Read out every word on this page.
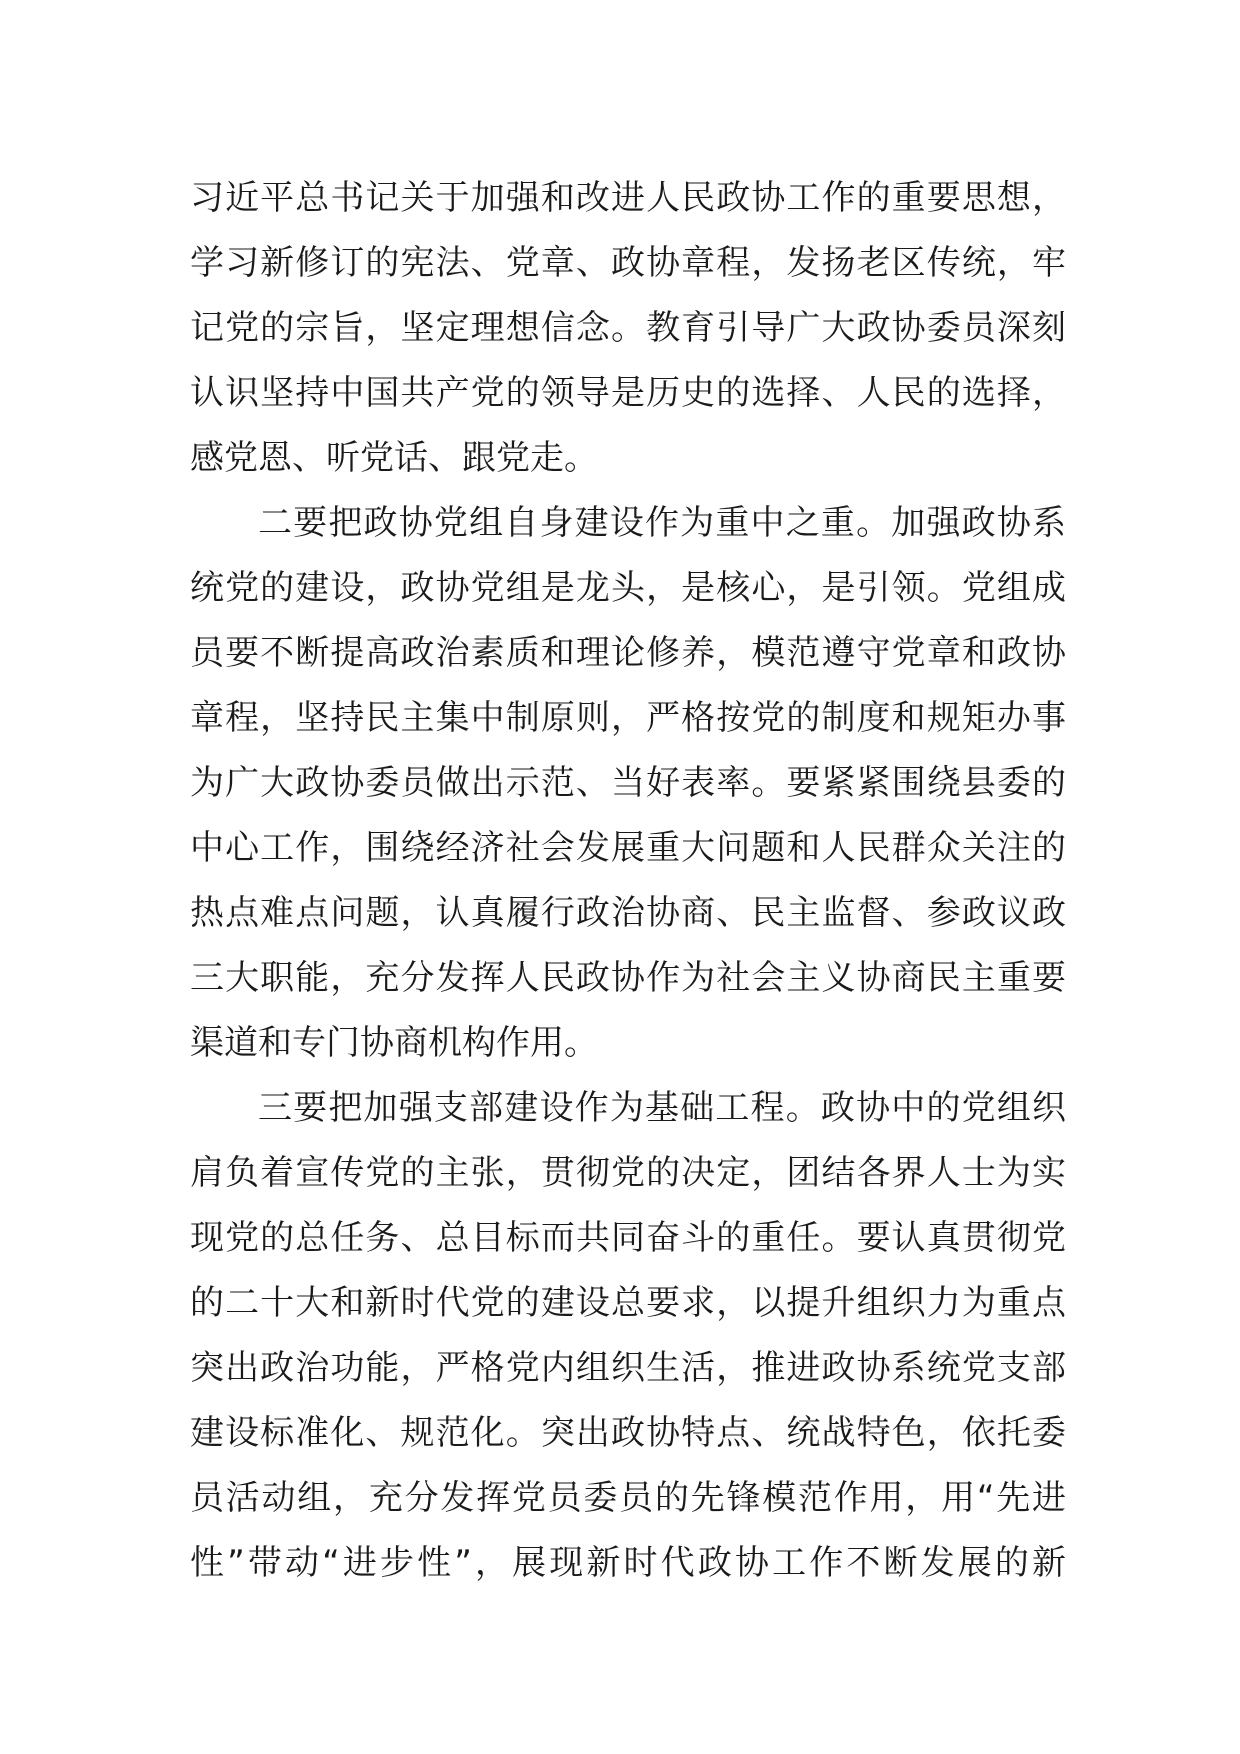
习近平总书记关于加强和改进人民政协工作的重要思想，
学习新修订的宪法、党章、政协章程，发扬老区传统，牢
记党的宗旨，坚定理想信念。教育引导广大政协委员深刻
认识坚持中国共产党的领导是历史的选择、人民的选择，
感党恩、听党话、跟党走。
二要把政协党组自身建设作为重中之重。加强政协系
统党的建设，政协党组是龙头，是核心，是引领。党组成
员要不断提高政治素质和理论修养，模范遵守党章和政协
章程，坚持民主集中制原则，严格按党的制度和规矩办事
为广大政协委员做出示范、当好表率。要紧紧围绕县委的
中心工作，围绕经济社会发展重大问题和人民群众关注的
热点难点问题，认真履行政治协商、民主监督、参政议政
三大职能，充分发挥人民政协作为社会主义协商民主重要
渠道和专门协商机构作用。
三要把加强支部建设作为基础工程。政协中的党组织
肩负着宣传党的主张，贯彻党的决定，团结各界人士为实
现党的总任务、总目标而共同奋斗的重任。要认真贯彻党
的二十大和新时代党的建设总要求，以提升组织力为重点
突出政治功能，严格党内组织生活，推进政协系统党支部
建设标准化、规范化。突出政协特点、统战特色，依托委
员活动组，充分发挥党员委员的先锋模范作用，用“先进
性”带动“进步性”，展现新时代政协工作不断发展的新
